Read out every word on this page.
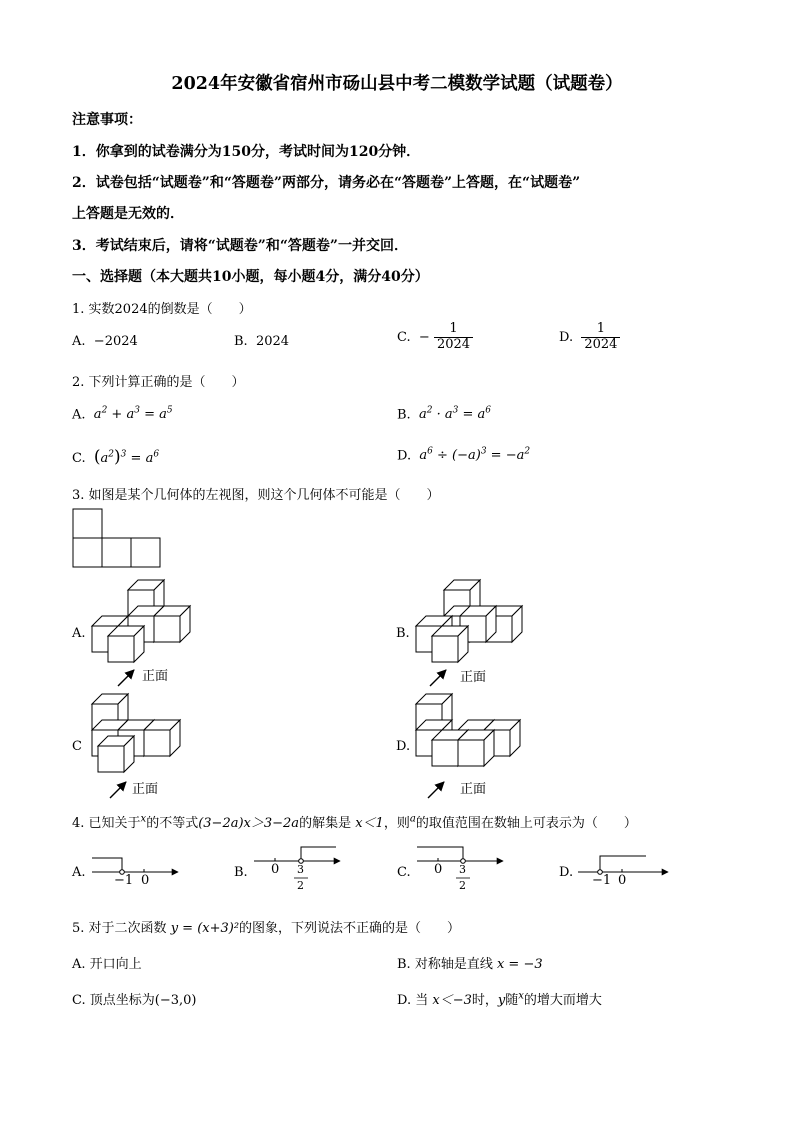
2024年安徽省宿州市砀山县中考二模数学试题（试题卷）
注意事项：
1．你拿到的试卷满分为150分，考试时间为120分钟．
2．试卷包括“试题卷”和“答题卷”两部分，请务必在“答题卷”上答题，在“试题卷”
上答题是无效的．
3．考试结束后，请将“试题卷”和“答题卷”一并交回．
一、选择题（本大题共10小题，每小题4分，满分40分）
1. 实数2024的倒数是（　　）
A. −2024	B. 2024	C. − $\frac{1}{2024}$	D. $\frac{1}{2024}$
2. 下列计算正确的是（　　）
A. $a^2 + a^3 = a^5$	B. $a^2 \cdot a^3 = a^6$
C. $(a^2)^3 = a^6$	D. $a^6 \div (-a)^3 = -a^2$
3. 如图是某个几何体的左视图，则这个几何体不可能是（　　）
A.
正面
B.
正面
C
正面
D.
正面
4. 已知关于$^x$的不等式(3−2a)x＞3−2a的解集是 x＜1，则$^a$的取值范围在数轴上可表示为（　　）
A.
−1 0
B. 0 3
2
C. 0 3
2
D.
−1 0
5. 对于二次函数 y = (x+3)²的图象，下列说法不正确的是（　　）
A. 开口向上	B. 对称轴是直线 x = −3
C. 顶点坐标为(−3,0)	D. 当 x＜−3时，y随$^x$的增大而增大
